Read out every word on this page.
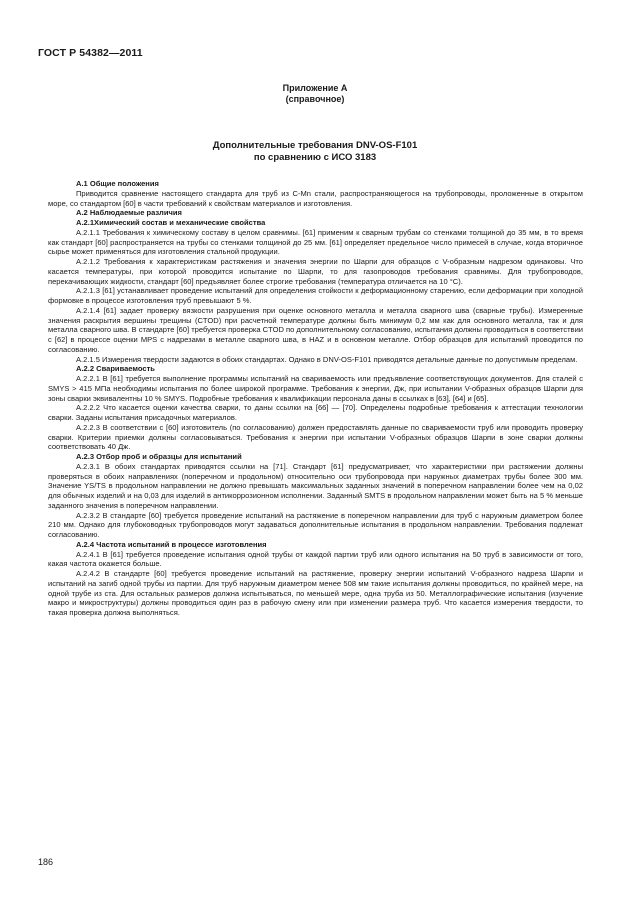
ГОСТ Р 54382—2011
Приложение А
(справочное)
Дополнительные требования DNV-OS-F101
по сравнению с ИСО 3183

А.1 Общие положения

Приводится сравнение настоящего стандарта для труб из C-Mn стали, распространяющегося на трубопроводы, проложенные в открытом море, со стандартом [60] в части требований к свойствам материалов и изготовления.

А.2 Наблюдаемые различия

А.2.1Химический состав и механические свойства

А.2.1.1 Требования к химическому составу в целом сравнимы. [61] применим к сварным трубам со стенками толщиной до 35 мм, в то время как стандарт [60] распространяется на трубы со стенками толщиной до 25 мм. [61] определяет предельное число примесей в случае, когда вторичное сырье может применяться для изготовления стальной продукции.

А.2.1.2 Требования к характеристикам растяжения и значения энергии по Шарпи для образцов с V-образным надрезом одинаковы. Что касается температуры, при которой проводится испытание по Шарпи, то для газопроводов требования сравнимы. Для трубопроводов, перекачивающих жидкости, стандарт [60] предъявляет более строгие требования (температура отличается на 10 °С).

А.2.1.3 [61] устанавливает проведение испытаний для определения стойкости к деформационному старению, если деформации при холодной формовке в процессе изготовления труб превышают 5 %.

А.2.1.4 [61] задает проверку вязкости разрушения при оценке основного металла и металла сварного шва (сварные трубы). Измеренные значения раскрытия вершины трещины (CTOD) при расчетной температуре должны быть минимум 0,2 мм как для основного металла, так и для металла сварного шва. В стандарте [60] требуется проверка CTOD по дополнительному согласованию, испытания должны проводиться в соответствии с [62] в процессе оценки MPS с надрезами в металле сварного шва, в HAZ и в основном металле. Отбор образцов для испытаний проводится по согласованию.

А.2.1.5 Измерения твердости задаются в обоих стандартах. Однако в DNV-OS-F101 приводятся детальные данные по допустимым пределам.

А.2.2 Свариваемость

А.2.2.1 В [61] требуется выполнение программы испытаний на свариваемость или предъявление соответствующих документов. Для сталей с SMYS > 415 МПа необходимы испытания по более широкой программе. Требования к энергии, Дж, при испытании V-образных образцов Шарпи для зоны сварки эквивалентны 10 % SMYS. Подробные требования к квалификации персонала даны в ссылках в [63], [64] и [65].

А.2.2.2 Что касается оценки качества сварки, то даны ссылки на [66] — [70]. Определены подробные требования к аттестации технологии сварки. Заданы испытания присадочных материалов.

А.2.2.3 В соответствии с [60] изготовитель (по согласованию) должен предоставлять данные по свариваемости труб или проводить проверку сварки. Критерии приемки должны согласовываться. Требования к энергии при испытании V-образных образцов Шарпи в зоне сварки должны соответствовать 40 Дж.

А.2.3 Отбор проб и образцы для испытаний

А.2.3.1 В обоих стандартах приводятся ссылки на [71]. Стандарт [61] предусматривает, что характеристики при растяжении должны проверяться в обоих направлениях (поперечном и продольном) относительно оси трубопровода при наружных диаметрах трубы более 300 мм. Значение YS/TS в продольном направлении не должно превышать максимальных заданных значений в поперечном направлении более чем на 0,02 для обычных изделий и на 0,03 для изделий в антикоррозионном исполнении. Заданный SMTS в продольном направлении может быть на 5 % меньше заданного значения в поперечном направлении.

А.2.3.2 В стандарте [60] требуется проведение испытаний на растяжение в поперечном направлении для труб с наружным диаметром более 210 мм. Однако для глубоководных трубопроводов могут задаваться дополнительные испытания в продольном направлении. Требования подлежат согласованию.

А.2.4 Частота испытаний в процессе изготовления

А.2.4.1 В [61] требуется проведение испытания одной трубы от каждой партии труб или одного испытания на 50 труб в зависимости от того, какая частота окажется больше.

А.2.4.2 В стандарте [60] требуется проведение испытаний на растяжение, проверку энергии испытаний V-образного надреза Шарпи и испытаний на загиб одной трубы из партии. Для труб наружным диаметром менее 508 мм такие испытания должны проводиться, по крайней мере, на одной трубе из ста. Для остальных размеров должна испытываться, по меньшей мере, одна труба из 50. Металлографические испытания (изучение макро и микроструктуры) должны проводиться один раз в рабочую смену или при изменении размера труб. Что касается измерения твердости, то такая проверка должна выполняться.

186
